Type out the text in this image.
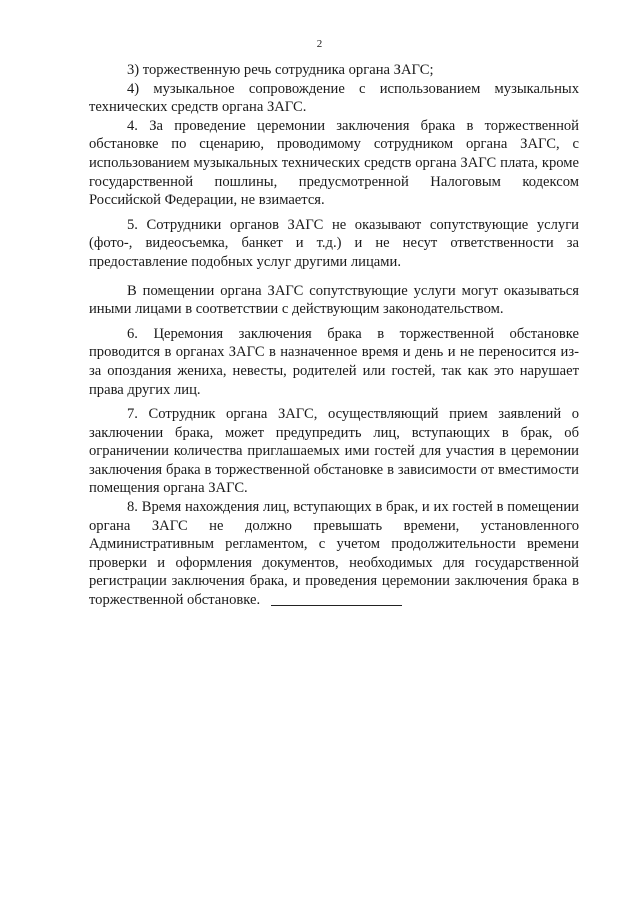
2

3) торжественную речь сотрудника органа ЗАГС;

4) музыкальное сопровождение с использованием музыкальных технических средств органа ЗАГС.

4. За проведение церемонии заключения брака в торжественной обстановке по сценарию, проводимому сотрудником органа ЗАГС, с использованием музыкальных технических средств органа ЗАГС плата, кроме государственной пошлины, предусмотренной Налоговым кодексом Российской Федерации, не взимается.

5. Сотрудники органов ЗАГС не оказывают сопутствующие услуги (фото-, видеосъемка, банкет и т.д.) и не несут ответственности за предоставление подобных услуг другими лицами.

В помещении органа ЗАГС сопутствующие услуги могут оказываться иными лицами в соответствии с действующим законодательством.

6. Церемония заключения брака в торжественной обстановке проводится в органах ЗАГС в назначенное время и день и не переносится из-за опоздания жениха, невесты, родителей или гостей, так как это нарушает права других лиц.

7. Сотрудник органа ЗАГС, осуществляющий прием заявлений о заключении брака, может предупредить лиц, вступающих в брак, об ограничении количества приглашаемых ими гостей для участия в церемонии заключения брака в торжественной обстановке в зависимости от вместимости помещения органа ЗАГС.

8. Время нахождения лиц, вступающих в брак, и их гостей в помещении органа ЗАГС не должно превышать времени, установленного Административным регламентом, с учетом продолжительности времени проверки и оформления документов, необходимых для государственной регистрации заключения брака, и проведения церемонии заключения брака в торжественной обстановке.
